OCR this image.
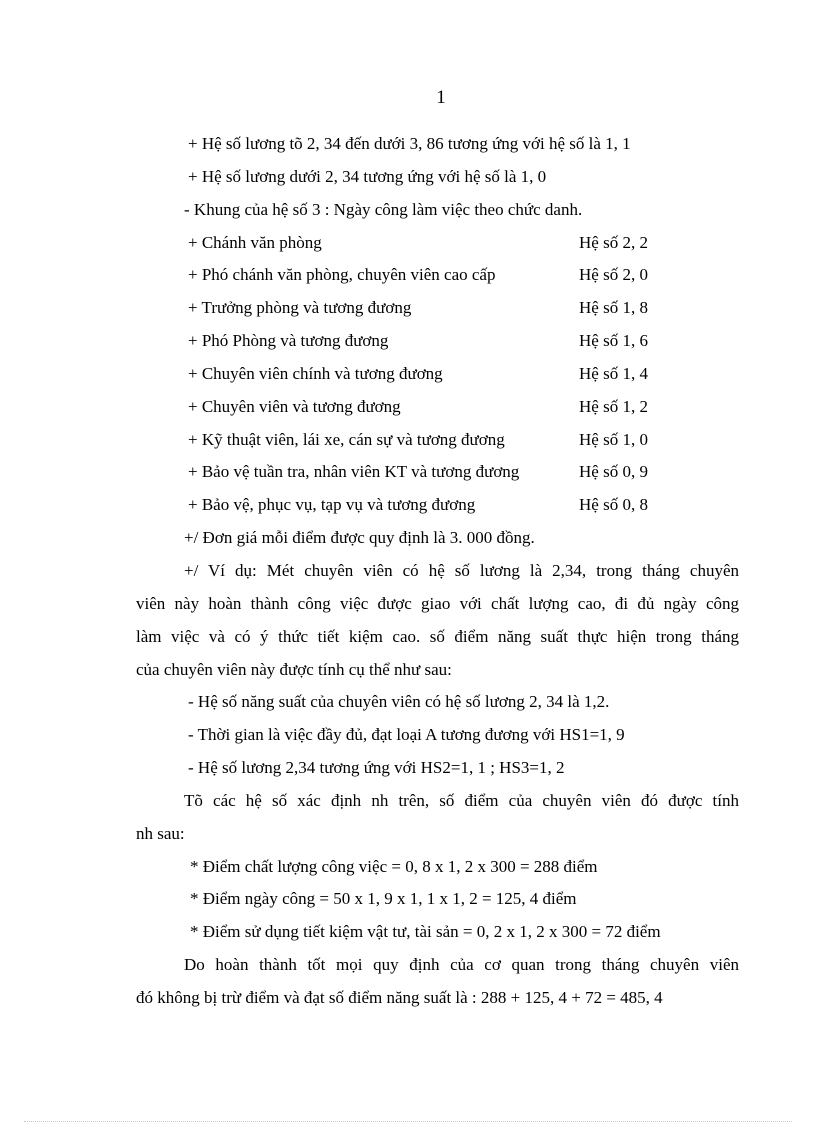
1
+ Hệ số lương tõ 2, 34 đến dưới 3, 86 tương ứng với hệ số là 1, 1
+ Hệ số lương dưới 2, 34 tương ứng với hệ số là 1, 0
- Khung của hệ số 3 : Ngày công làm việc theo chức danh.
+ Chánh văn phòng	Hệ số 2, 2
+ Phó chánh văn phòng, chuyên viên cao cấp	Hệ số 2, 0
+ Trưởng phòng và tương đương	Hệ số 1, 8
+ Phó Phòng và tương đương	Hệ số 1, 6
+ Chuyên viên chính và tương đương	Hệ số 1, 4
+ Chuyên viên và tương đương	Hệ số 1, 2
+ Kỹ thuật viên, lái xe, cán sự và tương đương	Hệ số 1, 0
+ Bảo vệ tuần tra, nhân viên KT và tương đương	Hệ số 0, 9
+ Bảo vệ, phục vụ, tạp vụ và tương đương	Hệ số 0, 8
+/ Đơn giá mỗi điểm được quy định là 3. 000 đồng.
+/ Ví dụ: Mét chuyên viên có hệ số lương là 2,34, trong tháng chuyên
viên này hoàn thành công việc được giao với chất lượng cao, đi đủ ngày công
làm việc và có ý thức tiết kiệm cao. số điểm năng suất thực hiện trong tháng
của chuyên viên này được tính cụ thể như sau:
- Hệ số năng suất của chuyên viên có hệ số lương 2, 34 là 1,2.
- Thời gian là việc đầy đủ, đạt loại A tương đương với HS1=1, 9
- Hệ số lương 2,34 tương ứng với HS2=1, 1 ; HS3=1, 2
Tõ các hệ số xác định nh trên, số điểm của chuyên viên đó được tính
nh sau:
* Điểm chất lượng công việc = 0, 8 x 1, 2 x 300 = 288 điểm
* Điểm ngày công = 50 x 1, 9 x 1, 1 x 1, 2 = 125, 4 điểm
* Điểm sử dụng tiết kiệm vật tư, tài sản = 0, 2 x 1, 2 x 300 = 72 điểm
Do hoàn thành tốt mọi quy định của cơ quan trong tháng chuyên viên
đó không bị trừ điểm và đạt số điểm năng suất là : 288 + 125, 4 + 72 = 485, 4
